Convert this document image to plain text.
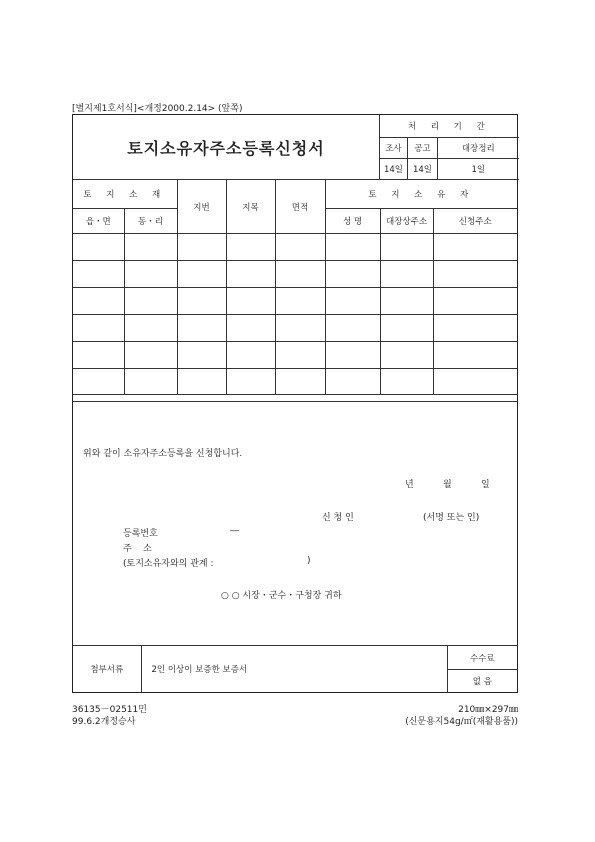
[별지제1호서식]<개정2000.2.14> (앞쪽)
토지소유자주소등록신청서
처 리 기 간		
조사	공고	대장정리
14일	14일	1일
토 지 소 재		지번	지목	면적	토 지 소 유 자		
읍・면	동・리				성 명	대장상주소	신청주소

위와 같이 소유자주소등록을 신청합니다.
년	월	일
신 청 인	(서명 또는 인)
등록번호	―
주 소
(토지소유자와의 관계 :	)
○ ○ 시장・군수・구청장 귀하
첨부서류	2인 이상이 보증한 보증서	수수료
없 음
36135－02511민
99.6.2개정승사
210㎜×297㎜
(신문용지54g/㎡(재활용품))
